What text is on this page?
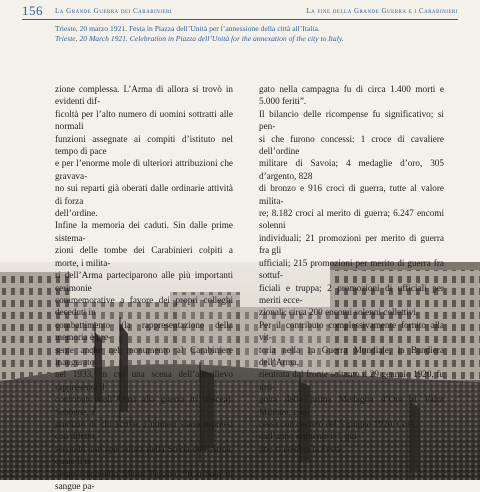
156 La Grande Guerra dei Carabinieri	La fine della Grande Guerra e i Carabinieri
Trieste, 20 marzo 1921. Festa in Piazza dell’Unità per l’annessione della città all’Italia.
Trieste, 20 March 1921. Celebration in Piazza dell’Unità for the annexation of the city to Italy.
zione complessa. L’Arma di allora si trovò in evidenti dif-
ficoltà per l’alto numero di uomini sottratti alle normali
funzioni assegnate ai compiti d’istituto nel tempo di pace
e per l’enorme mole di ulteriori attribuzioni che gravava-
no sui reparti già oberati dalle ordinarie attività di forza
dell’ordine.
Infine la memoria dei caduti. Sin dalle prime sistema-
zioni delle tombe dei Carabinieri colpiti a morte, i milita-
ri dell’Arma parteciparono alle più importanti cerimonie
commemorative a favore dei propri colleghi deceduti in
combattimento (la rappresentazione della memoria è pre-
sente anche nel monumento al Carabiniere inaugurato
nel 1933, in cui una scena dell’altorilievo rappresenta il
contributo dell’Arma alla guerra in trincea). Sebbene, a
giudizio di chi scrive, i numeri siano espressi con difetto,
secondo uno specialista della Storia dell’Arma, quale il te-
nente colonnello Mario Pagano, “Il tributo di sangue pa-
gato nella campagna fu di circa 1.400 morti e 5.000 feriti”.
Il bilancio delle ricompense fu significativo; si pen-
si che furono concessi: 1 croce di cavaliere dell’ordine
militare di Savoia; 4 medaglie d’oro, 305 d’argento, 828
di bronzo e 916 croci di guerra, tutte al valore milita-
re; 8.182 croci al merito di guerra; 6.247 encomi solenni
individuali; 21 promozioni per merito di guerra fra gli
ufficiali; 215 promozioni per merito di guerra fra sottuf-
ficiali e truppa; 2 promozioni di ufficiali per meriti ecce-
zionali; circa 200 encomi solenni collettivi.
Per il contributo complessivamente fornito alla vit-
toria nella 1a Guerra Mondiale, la Bandiera dell’Arma,
rientrata dal fronte soltanto il 29 gennaio 1920, fu insi-
gnita della prima Medaglia d’Oro al Valor Militare, con-
cessa con decreto del 5 giugno 1920. Così,
dall’anno seguente il 5 giu-
gno si celebra la Festa
